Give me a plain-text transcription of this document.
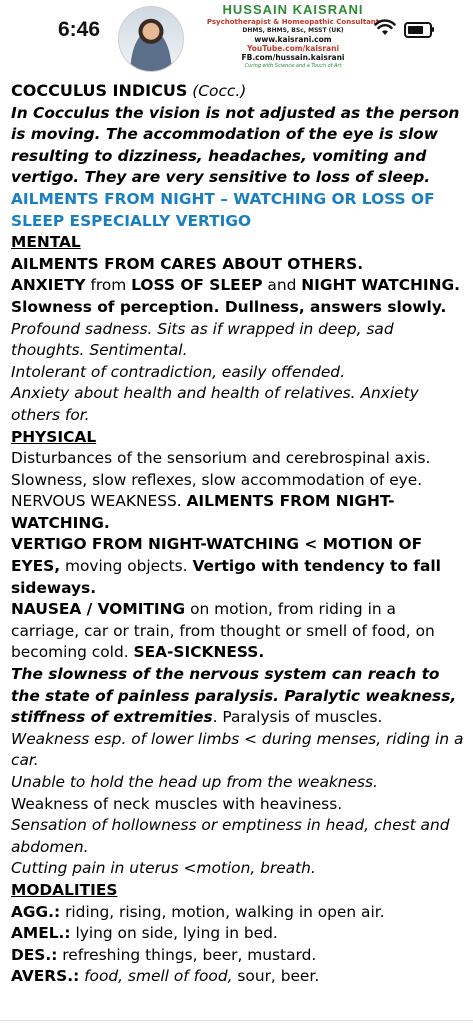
6:46
HUSSAIN KAISRANI
Psychotherapist & Homeopathic Consultant
DHMS, BHMS, BSc, MSST (UK)
www.kaisrani.com
YouTube.com/kaisrani
FB.com/hussain.kaisrani
Curing with Science and a Touch of Art

COCCULUS INDICUS (Cocc.)

In Cocculus the vision is not adjusted as the person is moving. The accommodation of the eye is slow resulting to dizziness, headaches, vomiting and vertigo. They are very sensitive to loss of sleep.

AILMENTS FROM NIGHT – WATCHING OR LOSS OF SLEEP ESPECIALLY VERTIGO

MENTAL

AILMENTS FROM CARES ABOUT OTHERS.

ANXIETY from LOSS OF SLEEP and NIGHT WATCHING.

Slowness of perception. Dullness, answers slowly.

Profound sadness. Sits as if wrapped in deep, sad thoughts. Sentimental.

Intolerant of contradiction, easily offended.

Anxiety about health and health of relatives. Anxiety others for.

PHYSICAL

Disturbances of the sensorium and cerebrospinal axis.

Slowness, slow reflexes, slow accommodation of eye.

NERVOUS WEAKNESS. AILMENTS FROM NIGHT-WATCHING.

VERTIGO FROM NIGHT-WATCHING < MOTION OF EYES, moving objects. Vertigo with tendency to fall sideways.

NAUSEA / VOMITING on motion, from riding in a carriage, car or train, from thought or smell of food, on becoming cold. SEA-SICKNESS.

The slowness of the nervous system can reach to the state of painless paralysis. Paralytic weakness, stiffness of extremities. Paralysis of muscles.

Weakness esp. of lower limbs < during menses, riding in a car.

Unable to hold the head up from the weakness.

Weakness of neck muscles with heaviness.

Sensation of hollowness or emptiness in head, chest and abdomen.

Cutting pain in uterus <motion, breath.

MODALITIES

AGG.: riding, rising, motion, walking in open air.

AMEL.: lying on side, lying in bed.

DES.: refreshing things, beer, mustard.

AVERS.: food, smell of food, sour, beer.
